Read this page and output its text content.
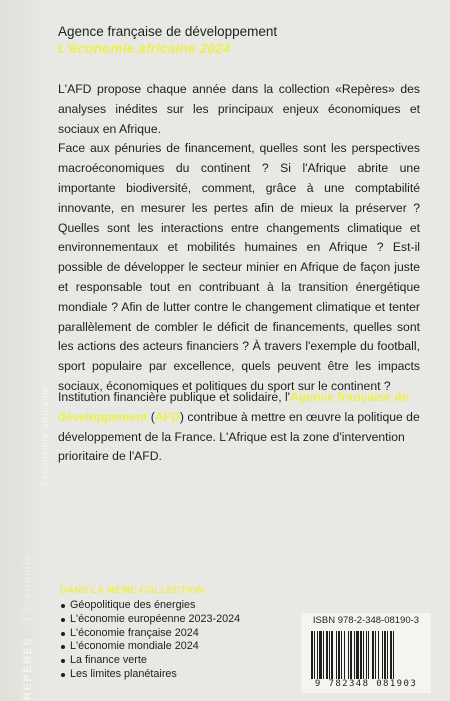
REPÈRES · l'économie
l'économie africaine
Agence française de développement
L'économie africaine 2024

L'AFD propose chaque année dans la collection «Repères» des analyses inédites sur les principaux enjeux économiques et sociaux en Afrique.

Face aux pénuries de financement, quelles sont les perspectives macroéconomiques du continent ? Si l'Afrique abrite une importante biodiversité, comment, grâce à une comptabilité innovante, en mesurer les pertes afin de mieux la préserver ? Quelles sont les interactions entre changements climatique et environnementaux et mobilités humaines en Afrique ? Est-il possible de développer le secteur minier en Afrique de façon juste et responsable tout en contribuant à la transition énergétique mondiale ? Afin de lutter contre le changement climatique et tenter parallèlement de combler le déficit de financements, quelles sont les actions des acteurs financiers ? À travers l'exemple du football, sport populaire par excellence, quels peuvent être les impacts sociaux, économiques et politiques du sport sur le continent ?

Institution financière publique et solidaire, l'Agence française de développement (AFD) contribue à mettre en œuvre la politique de développement de la France. L'Afrique est la zone d'intervention prioritaire de l'AFD.
DANS LA MÊME COLLECTION
Géopolitique des énergies
L'économie européenne 2023-2024
L'économie française 2024
L'économie mondiale 2024
La finance verte
Les limites planétaires
ISBN 978-2-348-08190-3
9 782348 081903
